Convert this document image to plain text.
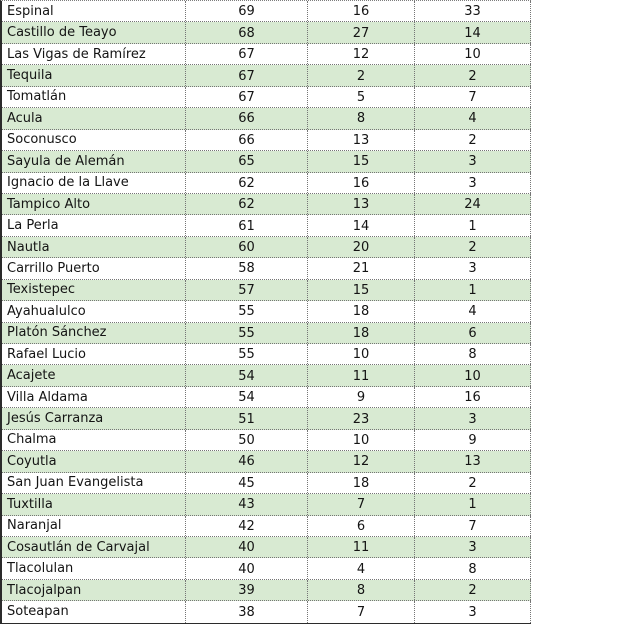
Espinal	69	16	33
Castillo de Teayo	68	27	14
Las Vigas de Ramírez	67	12	10
Tequila	67	2	2
Tomatlán	67	5	7
Acula	66	8	4
Soconusco	66	13	2
Sayula de Alemán	65	15	3
Ignacio de la Llave	62	16	3
Tampico Alto	62	13	24
La Perla	61	14	1
Nautla	60	20	2
Carrillo Puerto	58	21	3
Texistepec	57	15	1
Ayahualulco	55	18	4
Platón Sánchez	55	18	6
Rafael Lucio	55	10	8
Acajete	54	11	10
Villa Aldama	54	9	16
Jesús Carranza	51	23	3
Chalma	50	10	9
Coyutla	46	12	13
San Juan Evangelista	45	18	2
Tuxtilla	43	7	1
Naranjal	42	6	7
Cosautlán de Carvajal	40	11	3
Tlacolulan	40	4	8
Tlacojalpan	39	8	2
Soteapan	38	7	3
